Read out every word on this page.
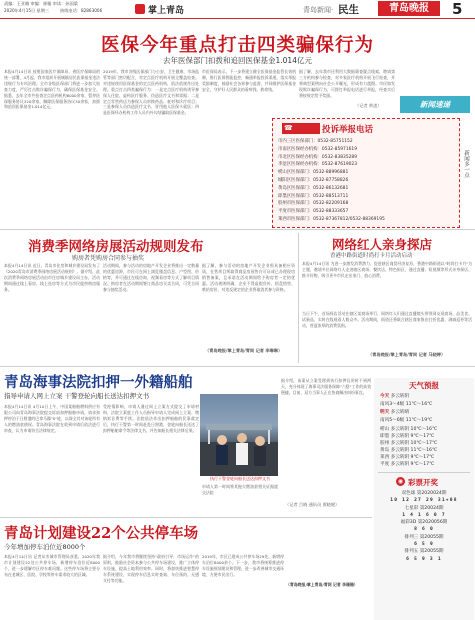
责编：王亚楠 审编：崔璇 审读：孙国梁
2020年4月15日 星期三	热线电话：82863006	掌上青岛	青岛新闻· 民生	青岛晚报	5
医保今年重点打击四类骗保行为
去年医保部门扣拨和追回医保基金1.014亿元
本报4月14日讯 按照国家医疗保障局、省医疗保障局的统一部署，4月起，我市组织开展城镇居民医保基金违法违规行为专项治理。全市各级医保部门将进一步加大检查力度，严厉打击欺诈骗保行为，确保医保基金安全。据悉，去年全市共检查定点医药机构6000余家，暂停医保服务协议320余家，解除医保服务协议30余家，扣拨和追回医保基金1.014亿元。
2019年，我市各级医保部门与公安、卫生健康、市场监管等部门密切配合，对定点医疗机构开展全覆盖检查。对违规使用医保基金的定点医药机构，依法依规作出处理。重点打击四类骗保行为：一是定点医疗机构诱导参保人住院、虚构医疗服务、伪造医疗文书和票据；二是定点零售药店为参保人员串换药品、耗材和诊疗项目；三是参保人员伪造医疗文书、冒用他人医保卡就医；四是医保经办机构工作人员内外勾结骗取医保基金。
市医保局表示，下一步将建立健全医保基金监管长效机制，推行医保智能监控，畅通举报投诉渠道，落实举报奖励制度，鼓励社会各界参与监督，共同维护医保基金安全，守护好人民群众的看病钱、救命钱。
据了解，去年我市还利用大数据筛查疑点线索，聘请第三方机构参与检查，对多家医疗机构开展飞行检查，并将典型案例向社会公开曝光，形成有力震慑。市民如发现欺诈骗保行为，可拨打举报电话进行举报，经查实后将按规定给予奖励。
（记者 黄凌）	新闻速递
☎	投诉举报电话
市内三区医保部门：0532-85751152
市南区医保经办机构：0532-85971619
市北区医保经办机构：0532-83835289
李沧区医保经办机构：0532-87619023
崂山区医保部门：0532-88996881
城阳区医保部门：0532-87758826
黄岛区医保部门：0532-86132681
即墨区医保部门：0532-88513711
胶州市医保部门：0532-82209168
平度市医保部门：0532-88333657
莱西市医保部门：0532-87367812/0532-88369195
新闻多一点
消费季网络房展活动规则发布
购房者凭购房合同参与抽奖
本报4月14日讯 近日，青岛市住房和城乡建设局发布了《2020青岛市消费季网络房展活动规则》。据介绍，此次消费季网络房展活动由市住房城乡建设局主办，活动期间通过线上看房、线上选房等方式为市民提供购房服务。
活动期间，参与活动的房地产开发企业将推出一定数量的优惠房源，市民可在网上浏览楼盘信息、户型图、价格等，并可通过在线咨询、视频看房等方式了解项目情况。购房者在活动期间签订商品房买卖合同，可凭合同参与抽奖活动。
据了解，参与活动的房地产开发企业须具备相应资质，在售项目须取得商品房预售许可证或已办理现房销售备案，且承诺在活动期间给予购房者一定的优惠。活动规则明确，企业不得虚假宣传、捂盘惜售、哄抬房价，对违反规定的企业将取消其参与资格。
（青岛晚报/掌上青岛/青网 记者 李琳琳）
网络红人亲身探店
香港中路街道时尚打卡月活动启动
本报4月14日讯 为进一步激发消费潜力，促进辖区商贸经济复苏，香港中路街道以"时尚打卡月"为主题，邀请多位网络红人走进辖区商场、餐饮店、特色街区，通过直播、短视频等形式亲身探店、推介好物，吸引更多市民走出家门、放心消费。
当日下午，首场探店活动在辖区某商场举行，网络红人们通过直播镜头带领网友逛商场、品美食、试新品，实时在线观看人数众多。活动期间，街道还将联合辖区商家推出打折优惠、满减返券等活动，营造浓厚的消费氛围。
（青岛晚报/掌上青岛/青网 记者 马晓婷）
青岛海事法院扣押一外籍船舶
指导申请人网上立案 干警登轮向船长送达扣押文书
本报4月14日讯 4月10日上午，中国某船舶燃料供应有限公司向青岛海事法院提交诉前扣押船舶申请，请求扣押停泊于日照港的巴拿马籍"S"轮，以保全其对该轮所有人的燃油款债权。青岛海事法院在收到申请后依法进行审查，认为申请符合法律规定。
受疫情影响，申请人通过网上立案方式提交了申请材料，法院立案庭工作人员指导申请人完成网上立案、缴纳诉讼费等手续。法院依法作出扣押船舶的民事裁定后，执行干警第一时间赶赴日照港，登轮向船长送达了扣押船舶命令等法律文书，并告知船长相关法律后果。
执行干警登轮向船长送达扣押文书
申请人第一时间将其拖欠燃油款相关证据提交法院
据介绍，该案从立案受理到执行扣押仅用时不到两天，充分体现了海事司法服务保障"六稳"工作的高效便捷。目前，双方当事人正在协商解决纠纷事宜。
（记者 吕晓 通讯员 贾晓媛）
青岛计划建设22个公共停车场
今年增加停车泊位近8000个
本报4月14日讯 记者从市城市管理局获悉，2020年我市计划建设22处公共停车场，新增停车泊位近8000个，进一步缓解市区停车难问题。这些停车场将主要分布在老城区、医院、学校等停车需求较大的区域。
据介绍，今年我市将继续坚持"政府引导、市场运作"的原则，鼓励社会资本参与公共停车场建设，推广立体停车设施，提高土地利用效率。同时，将加快推进智慧停车系统建设，实现停车信息实时查询、车位预约、无感支付等功能。
2019年，市区已建成公共停车场29处，新增停车泊位8000余个。下一步，我市将统筹推进停车设施规划建设和管理，进一步改善城市交通环境，方便市民出行。
（青岛晚报/掌上青岛/青网 记者 李珊珊）
天气预报
今天 多云转阴
南风3～4级 11℃～16℃
明天 多云转晴
南风5～6级 11℃～19℃
崂山 多云转阴 10℃～16℃
即墨 多云转阴 9℃～17℃
胶州 多云转阴 10℃～17℃
黄岛 多云转阴 11℃～16℃
莱西 多云转阴 9℃～17℃
平度 多云转阴 9℃～17℃
◉ 彩票开奖
双色球 第2020024期
10 12 27 29 31+08
七星彩 第20024期
1 4 1 6 0 7
福彩3D 第2020056期
8 6 0
排列三 第20055期
6 5 9
排列五 第20055期
6 5 9 3 1
